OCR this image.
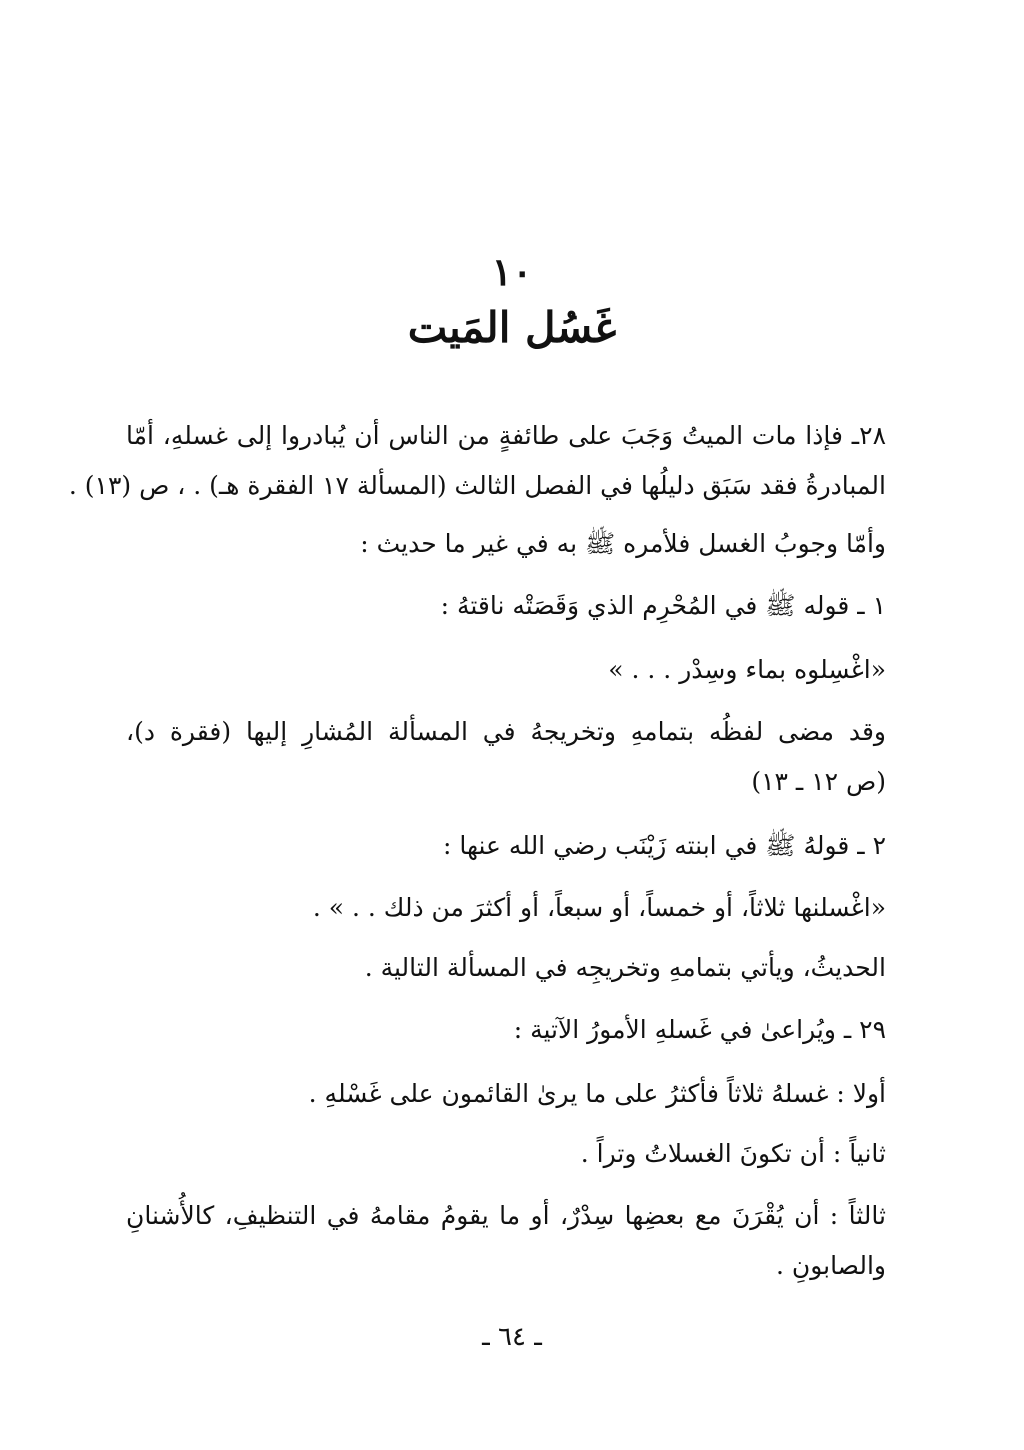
١٠
غَسُل المَيت
٢٨ـ فإذا مات الميتُ وَجَبَ على طائفةٍ من الناس أن يُبادروا إلى غسلهِ، أمّا
المبادرةُ فقد سَبَق دليلُها في الفصل الثالث (المسألة ١٧ الفقرة هـ) . ، ص (١٣) .
وأمّا وجوبُ الغسل فلأمره ﷺ به في غير ما حديث :
١ ـ قوله ﷺ في المُحْرِم الذي وَقَصَتْه ناقتهُ :
«اغْسِلوه بماء وسِدْر . . . »
وقد مضى لفظُه بتمامهِ وتخريجهُ في المسألة المُشارِ إليها (فقرة د)،
(ص ١٢ ـ ١٣)
٢ ـ قولهُ ﷺ في ابنته زَيْنَب رضي الله عنها :
«اغْسلنها ثلاثاً، أو خمساً، أو سبعاً، أو أكثرَ من ذلك . . » .
الحديثُ، ويأتي بتمامهِ وتخريجِه في المسألة التالية .
٢٩ ـ ويُراعىٰ في غَسلهِ الأمورُ الآتية :
أولا : غسلهُ ثلاثاً فأكثرُ على ما يرىٰ القائمون على غَسْلهِ .
ثانياً : أن تكونَ الغسلاتُ وتراً .
ثالثاً : أن يُقْرَنَ مع بعضِها سِدْرٌ، أو ما يقومُ مقامهُ في التنظيفِ، كالأُشنانِ
والصابونِ .
ـ ٦٤ ـ
